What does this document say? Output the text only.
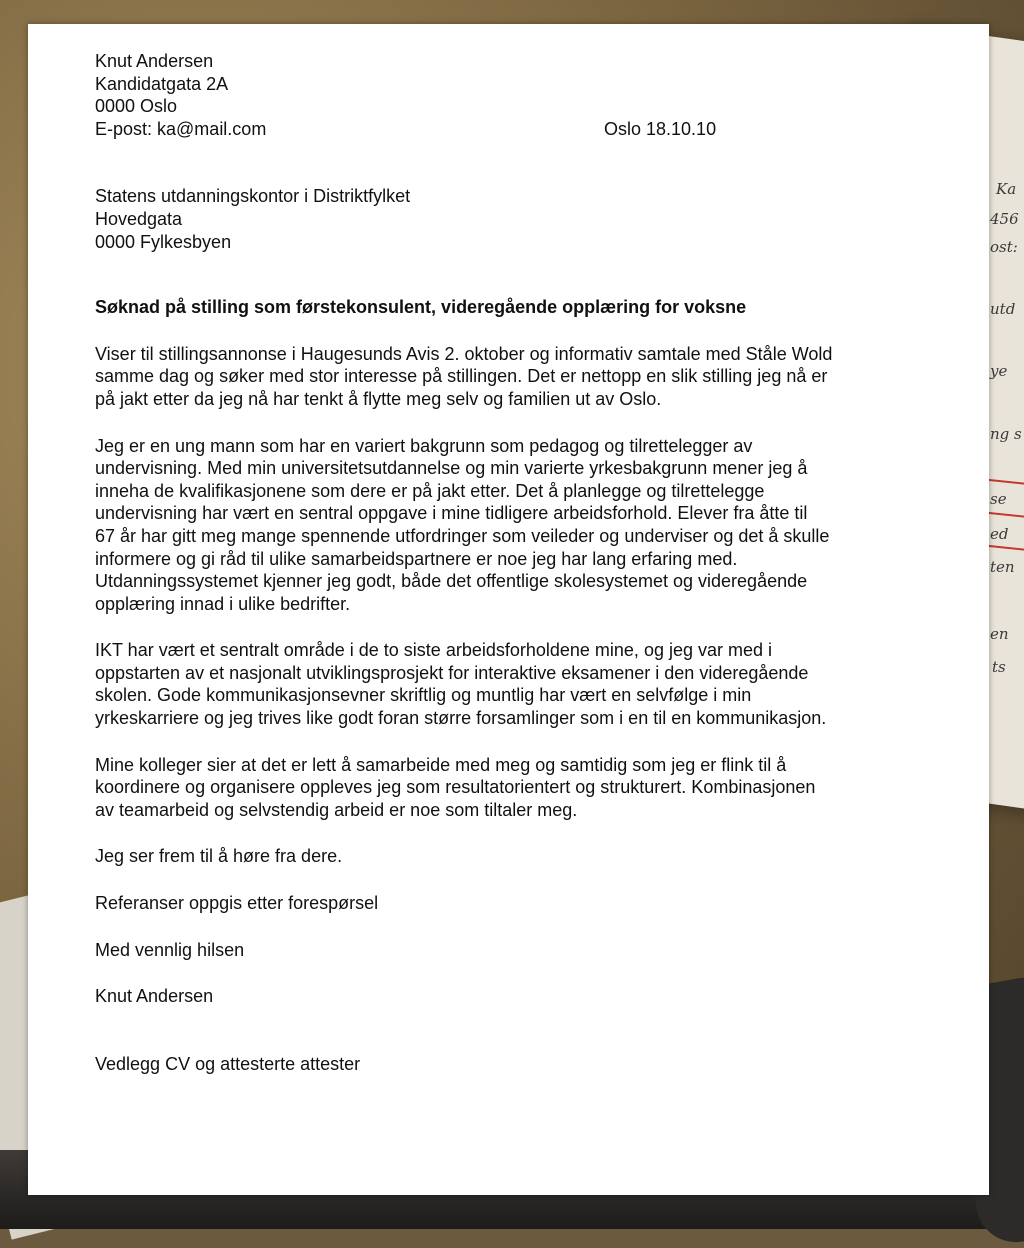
Ka
456
ost:
utd
ye
ng s
se
ed
ten
en
ts
Knut Andersen
Kandidatgata 2A
0000 Oslo
E-post: ka@mail.com	Oslo 18.10.10
Statens utdanningskontor i Distriktfylket
Hovedgata
0000 Fylkesbyen
Søknad på stilling som førstekonsulent, videregående opplæring for voksne
Viser til stillingsannonse i Haugesunds Avis 2. oktober og informativ samtale med Ståle Wold
samme dag og søker med stor interesse på stillingen. Det er nettopp en slik stilling jeg nå er
på jakt etter da jeg nå har tenkt å flytte meg selv og familien ut av Oslo.
Jeg er en ung mann som har en variert bakgrunn som pedagog og tilrettelegger av
undervisning. Med min universitetsutdannelse og min varierte yrkesbakgrunn mener jeg å
inneha de kvalifikasjonene som dere er på jakt etter. Det å planlegge og tilrettelegge
undervisning har vært en sentral oppgave i mine tidligere arbeidsforhold. Elever fra åtte til
67 år har gitt meg mange spennende utfordringer som veileder og underviser og det å skulle
informere og gi råd til ulike samarbeidspartnere er noe jeg har lang erfaring med.
Utdanningssystemet kjenner jeg godt, både det offentlige skolesystemet og videregående
opplæring innad i ulike bedrifter.
IKT har vært et sentralt område i de to siste arbeidsforholdene mine, og jeg var med i
oppstarten av et nasjonalt utviklingsprosjekt for interaktive eksamener i den videregående
skolen. Gode kommunikasjonsevner skriftlig og muntlig har vært en selvfølge i min
yrkeskarriere og jeg trives like godt foran større forsamlinger som i en til en kommunikasjon.
Mine kolleger sier at det er lett å samarbeide med meg og samtidig som jeg er flink til å
koordinere og organisere oppleves jeg som resultatorientert og strukturert. Kombinasjonen
av teamarbeid og selvstendig arbeid er noe som tiltaler meg.
Jeg ser frem til å høre fra dere.
Referanser oppgis etter forespørsel
Med vennlig hilsen
Knut Andersen
Vedlegg CV og attesterte attester
